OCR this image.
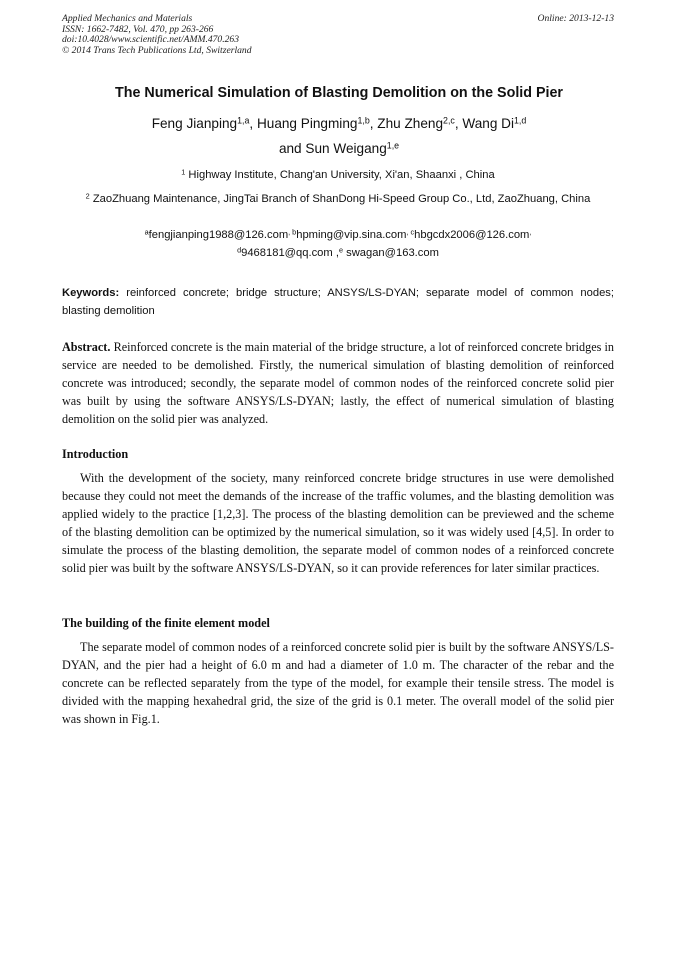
Applied Mechanics and Materials
ISSN: 1662-7482, Vol. 470, pp 263-266
doi:10.4028/www.scientific.net/AMM.470.263
© 2014 Trans Tech Publications Ltd, Switzerland
Online: 2013-12-13
The Numerical Simulation of Blasting Demolition on the Solid Pier
Feng Jianping$^{1,a}$, Huang Pingming$^{1,b}$, Zhu Zheng$^{2,c}$, Wang Di$^{1,d}$
and Sun Weigang$^{1,e}$
$^1$ Highway Institute, Chang'an University, Xi'an, Shaanxi , China
$^2$ ZaoZhuang Maintenance, JingTai Branch of ShanDong Hi-Speed Group Co., Ltd, ZaoZhuang, China
$^a$fengjianping1988@126.com$^{, b}$hpming@vip.sina.com$^{, c}$hbgcdx2006@126.com,
$^d$9468181@qq.com ,$^e$ swagan@163.com
Keywords: reinforced concrete; bridge structure; ANSYS/LS-DYAN; separate model of common nodes; blasting demolition
Abstract. Reinforced concrete is the main material of the bridge structure, a lot of reinforced concrete bridges in service are needed to be demolished. Firstly, the numerical simulation of blasting demolition of reinforced concrete was introduced; secondly, the separate model of common nodes of the reinforced concrete solid pier was built by using the software ANSYS/LS-DYAN; lastly, the effect of numerical simulation of blasting demolition on the solid pier was analyzed.
Introduction
With the development of the society, many reinforced concrete bridge structures in use were demolished because they could not meet the demands of the increase of the traffic volumes, and the blasting demolition was applied widely to the practice [1,2,3]. The process of the blasting demolition can be previewed and the scheme of the blasting demolition can be optimized by the numerical simulation, so it was widely used [4,5]. In order to simulate the process of the blasting demolition, the separate model of common nodes of a reinforced concrete solid pier was built by the software ANSYS/LS-DYAN, so it can provide references for later similar practices.
The building of the finite element model
The separate model of common nodes of a reinforced concrete solid pier is built by the software ANSYS/LS-DYAN, and the pier had a height of 6.0 m and had a diameter of 1.0 m. The character of the rebar and the concrete can be reflected separately from the type of the model, for example their tensile stress. The model is divided with the mapping hexahedral grid, the size of the grid is 0.1 meter. The overall model of the solid pier was shown in Fig.1.
